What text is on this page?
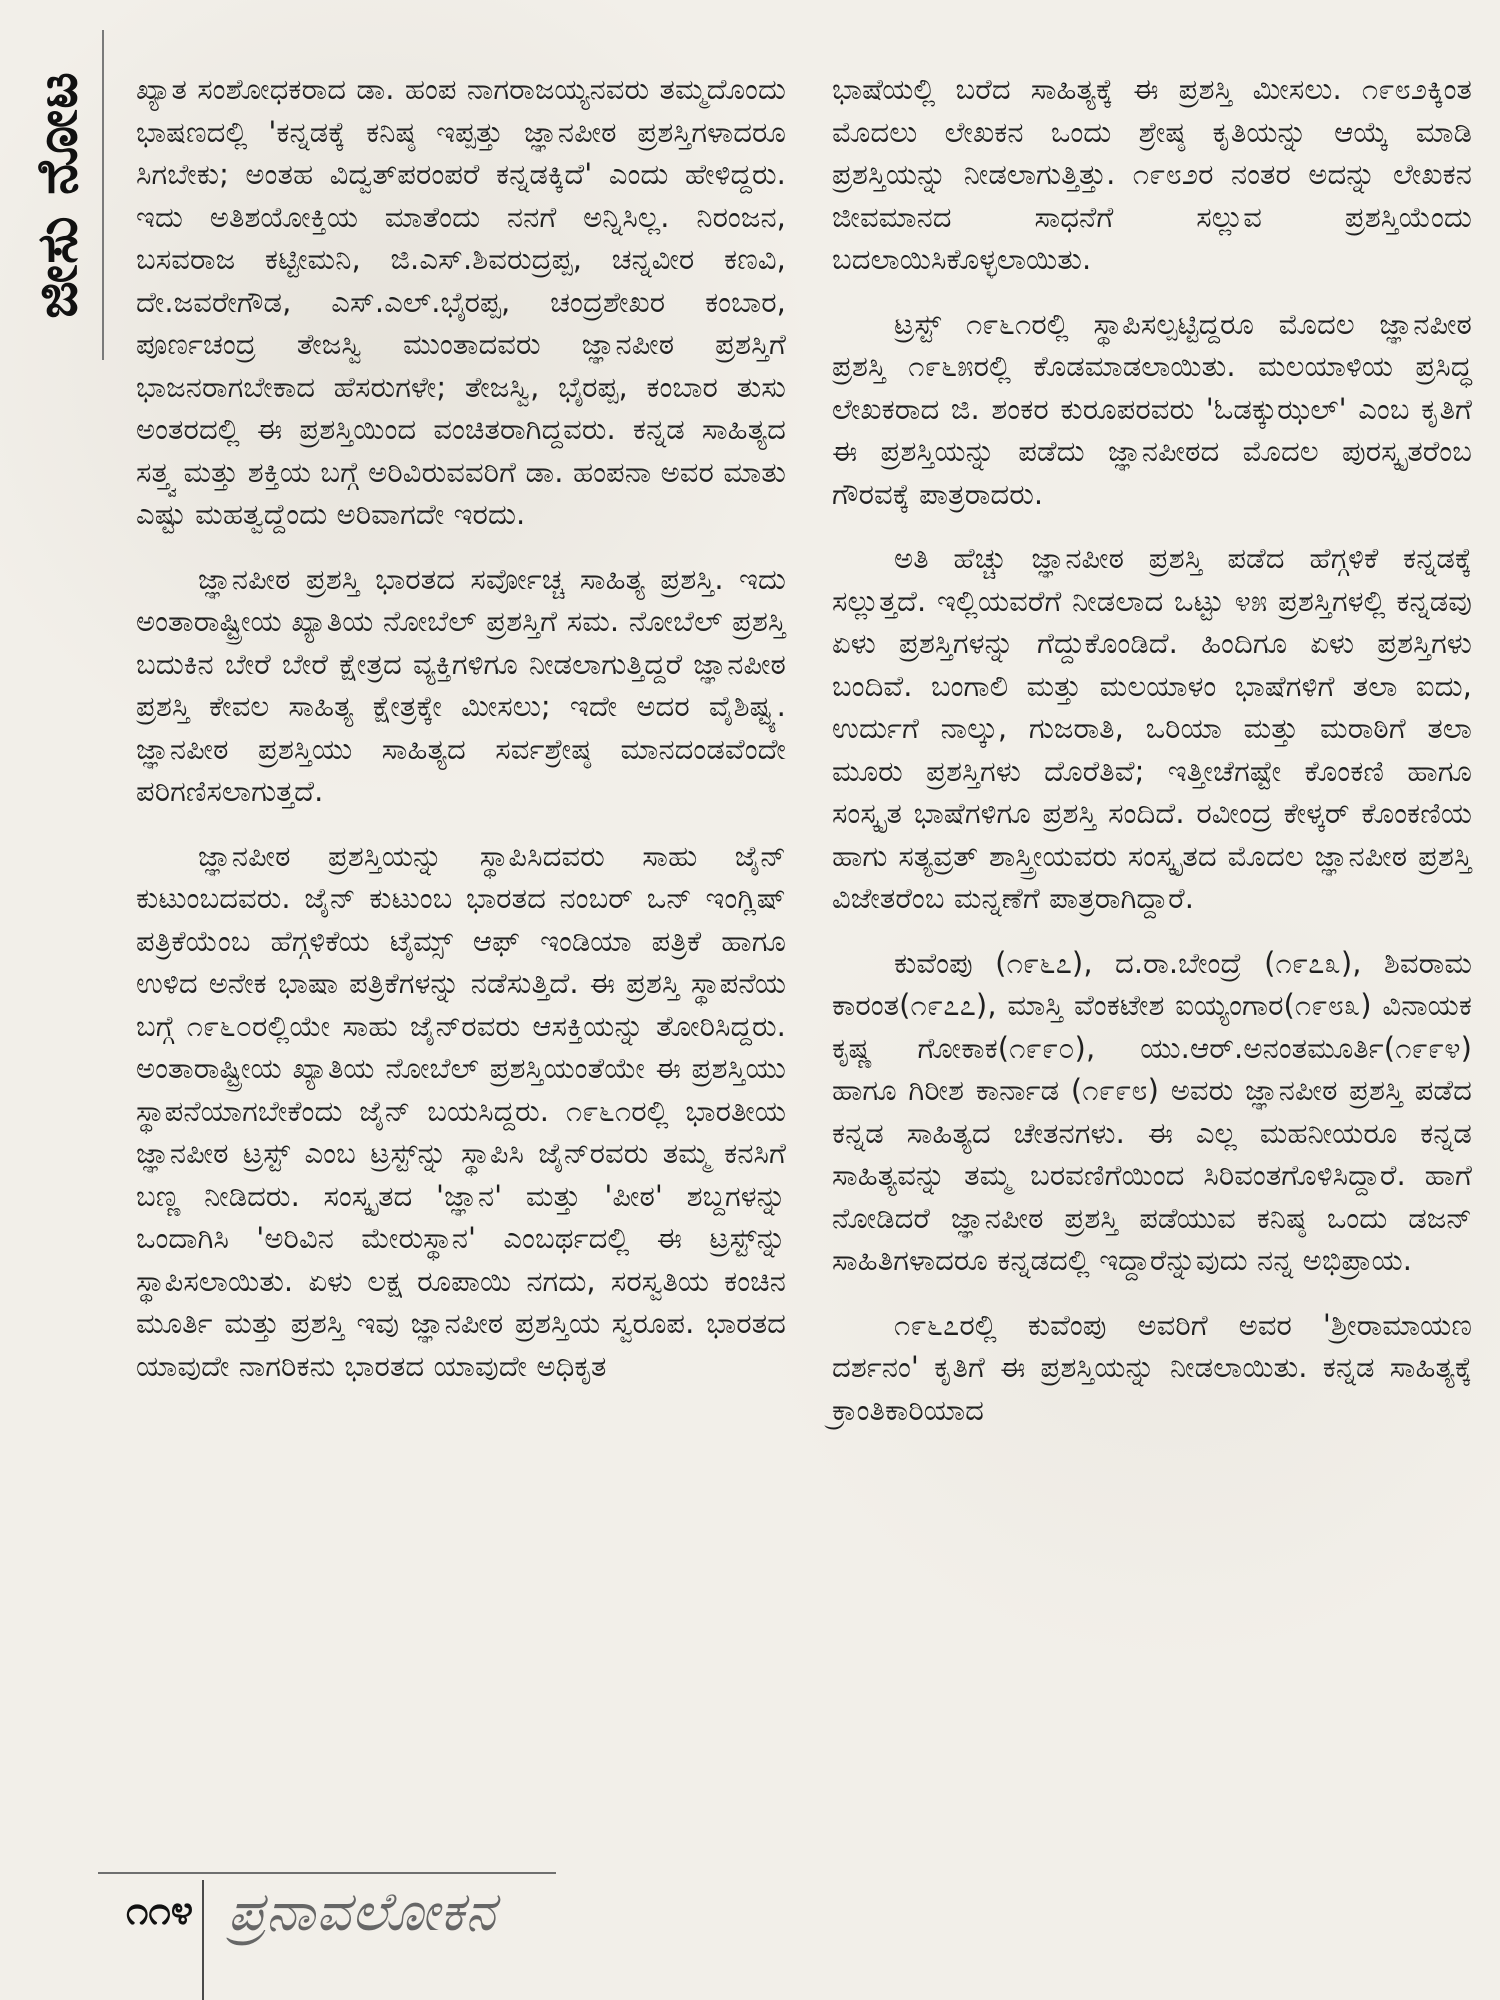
ಜೀಸು ನೋಟ ಖ್ಯಾತ ಸಂಶೋಧಕರಾದ ಡಾ. ಹಂಪ ನಾಗರಾಜಯ್ಯನವರು ತಮ್ಮದೊಂದು ಭಾಷಣದಲ್ಲಿ 'ಕನ್ನಡಕ್ಕೆ ಕನಿಷ್ಠ ಇಪ್ಪತ್ತು ಜ್ಞಾನಪೀಠ ಪ್ರಶಸ್ತಿಗಳಾದರೂ ಸಿಗಬೇಕು; ಅಂತಹ ವಿದ್ವತ್‌ಪರಂಪರೆ ಕನ್ನಡಕ್ಕಿದೆ' ಎಂದು ಹೇಳಿದ್ದರು. ಇದು ಅತಿಶಯೋಕ್ತಿಯ ಮಾತೆಂದು ನನಗೆ ಅನ್ನಿಸಿಲ್ಲ. ನಿರಂಜನ, ಬಸವರಾಜ ಕಟ್ಟೀಮನಿ, ಜಿ.ಎಸ್.ಶಿವರುದ್ರಪ್ಪ, ಚನ್ನವೀರ ಕಣವಿ, ದೇ.ಜವರೇಗೌಡ, ಎಸ್.ಎಲ್.ಭೈರಪ್ಪ, ಚಂದ್ರಶೇಖರ ಕಂಬಾರ, ಪೂರ್ಣಚಂದ್ರ ತೇಜಸ್ವಿ ಮುಂತಾದವರು ಜ್ಞಾನಪೀಠ ಪ್ರಶಸ್ತಿಗೆ ಭಾಜನರಾಗಬೇಕಾದ ಹೆಸರುಗಳೇ; ತೇಜಸ್ವಿ, ಭೈರಪ್ಪ, ಕಂಬಾರ ತುಸು ಅಂತರದಲ್ಲಿ ಈ ಪ್ರಶಸ್ತಿಯಿಂದ ವಂಚಿತರಾಗಿದ್ದವರು. ಕನ್ನಡ ಸಾಹಿತ್ಯದ ಸತ್ತ್ವ ಮತ್ತು ಶಕ್ತಿಯ ಬಗ್ಗೆ ಅರಿವಿರುವವರಿಗೆ ಡಾ. ಹಂಪನಾ ಅವರ ಮಾತು ಎಷ್ಟು ಮಹತ್ವದ್ದೆಂದು ಅರಿವಾಗದೇ ಇರದು.

ಜ್ಞಾನಪೀಠ ಪ್ರಶಸ್ತಿ ಭಾರತದ ಸರ್ವೋಚ್ಚ ಸಾಹಿತ್ಯ ಪ್ರಶಸ್ತಿ. ಇದು ಅಂತಾರಾಷ್ಟ್ರೀಯ ಖ್ಯಾತಿಯ ನೋಬೆಲ್ ಪ್ರಶಸ್ತಿಗೆ ಸಮ. ನೋಬೆಲ್ ಪ್ರಶಸ್ತಿ ಬದುಕಿನ ಬೇರೆ ಬೇರೆ ಕ್ಷೇತ್ರದ ವ್ಯಕ್ತಿಗಳಿಗೂ ನೀಡಲಾಗುತ್ತಿದ್ದರೆ ಜ್ಞಾನಪೀಠ ಪ್ರಶಸ್ತಿ ಕೇವಲ ಸಾಹಿತ್ಯ ಕ್ಷೇತ್ರಕ್ಕೇ ಮೀಸಲು; ಇದೇ ಅದರ ವೈಶಿಷ್ಟ್ಯ. ಜ್ಞಾನಪೀಠ ಪ್ರಶಸ್ತಿಯು ಸಾಹಿತ್ಯದ ಸರ್ವಶ್ರೇಷ್ಠ ಮಾನದಂಡವೆಂದೇ ಪರಿಗಣಿಸಲಾಗುತ್ತದೆ.

ಜ್ಞಾನಪೀಠ ಪ್ರಶಸ್ತಿಯನ್ನು ಸ್ಥಾಪಿಸಿದವರು ಸಾಹು ಜೈನ್ ಕುಟುಂಬದವರು. ಜೈನ್ ಕುಟುಂಬ ಭಾರತದ ನಂಬರ್ ಒನ್ ಇಂಗ್ಲಿಷ್ ಪತ್ರಿಕೆಯೆಂಬ ಹೆಗ್ಗಳಿಕೆಯ ಟೈಮ್ಸ್ ಆಫ್ ಇಂಡಿಯಾ ಪತ್ರಿಕೆ ಹಾಗೂ ಉಳಿದ ಅನೇಕ ಭಾಷಾ ಪತ್ರಿಕೆಗಳನ್ನು ನಡೆಸುತ್ತಿದೆ. ಈ ಪ್ರಶಸ್ತಿ ಸ್ಥಾಪನೆಯ ಬಗ್ಗೆ ೧೯೬೦ರಲ್ಲಿಯೇ ಸಾಹು ಜೈನ್‌ರವರು ಆಸಕ್ತಿಯನ್ನು ತೋರಿಸಿದ್ದರು. ಅಂತಾರಾಷ್ಟ್ರೀಯ ಖ್ಯಾತಿಯ ನೋಬೆಲ್ ಪ್ರಶಸ್ತಿಯಂತೆಯೇ ಈ ಪ್ರಶಸ್ತಿಯು ಸ್ಥಾಪನೆಯಾಗಬೇಕೆಂದು ಜೈನ್ ಬಯಸಿದ್ದರು. ೧೯೬೧ರಲ್ಲಿ ಭಾರತೀಯ ಜ್ಞಾನಪೀಠ ಟ್ರಸ್ಟ್ ಎಂಬ ಟ್ರಸ್ಟ್‌ನ್ನು ಸ್ಥಾಪಿಸಿ ಜೈನ್‌ರವರು ತಮ್ಮ ಕನಸಿಗೆ ಬಣ್ಣ ನೀಡಿದರು. ಸಂಸ್ಕೃತದ 'ಜ್ಞಾನ' ಮತ್ತು 'ಪೀಠ' ಶಬ್ದಗಳನ್ನು ಒಂದಾಗಿಸಿ 'ಅರಿವಿನ ಮೇರುಸ್ಥಾನ' ಎಂಬರ್ಥದಲ್ಲಿ ಈ ಟ್ರಸ್ಟ್‌ನ್ನು ಸ್ಥಾಪಿಸಲಾಯಿತು. ಏಳು ಲಕ್ಷ ರೂಪಾಯಿ ನಗದು, ಸರಸ್ವತಿಯ ಕಂಚಿನ ಮೂರ್ತಿ ಮತ್ತು ಪ್ರಶಸ್ತಿ ಇವು ಜ್ಞಾನಪೀಠ ಪ್ರಶಸ್ತಿಯ ಸ್ವರೂಪ. ಭಾರತದ ಯಾವುದೇ ನಾಗರಿಕನು ಭಾರತದ ಯಾವುದೇ ಅಧಿಕೃತ

ಭಾಷೆಯಲ್ಲಿ ಬರೆದ ಸಾಹಿತ್ಯಕ್ಕೆ ಈ ಪ್ರಶಸ್ತಿ ಮೀಸಲು. ೧೯೮೨ಕ್ಕಿಂತ ಮೊದಲು ಲೇಖಕನ ಒಂದು ಶ್ರೇಷ್ಠ ಕೃತಿಯನ್ನು ಆಯ್ಕೆ ಮಾಡಿ ಪ್ರಶಸ್ತಿಯನ್ನು ನೀಡಲಾಗುತ್ತಿತ್ತು. ೧೯೮೨ರ ನಂತರ ಅದನ್ನು ಲೇಖಕನ ಜೀವಮಾನದ ಸಾಧನೆಗೆ ಸಲ್ಲುವ ಪ್ರಶಸ್ತಿಯೆಂದು ಬದಲಾಯಿಸಿಕೊಳ್ಳಲಾಯಿತು.

ಟ್ರಸ್ಟ್ ೧೯೬೧ರಲ್ಲಿ ಸ್ಥಾಪಿಸಲ್ಪಟ್ಟಿದ್ದರೂ ಮೊದಲ ಜ್ಞಾನಪೀಠ ಪ್ರಶಸ್ತಿ ೧೯೬೫ರಲ್ಲಿ ಕೊಡಮಾಡಲಾಯಿತು. ಮಲಯಾಳಿಯ ಪ್ರಸಿದ್ಧ ಲೇಖಕರಾದ ಜಿ. ಶಂಕರ ಕುರೂಪರವರು 'ಓಡಕ್ಕುಝಲ್' ಎಂಬ ಕೃತಿಗೆ ಈ ಪ್ರಶಸ್ತಿಯನ್ನು ಪಡೆದು ಜ್ಞಾನಪೀಠದ ಮೊದಲ ಪುರಸ್ಕೃತರೆಂಬ ಗೌರವಕ್ಕೆ ಪಾತ್ರರಾದರು.

ಅತಿ ಹೆಚ್ಚು ಜ್ಞಾನಪೀಠ ಪ್ರಶಸ್ತಿ ಪಡೆದ ಹೆಗ್ಗಳಿಕೆ ಕನ್ನಡಕ್ಕೆ ಸಲ್ಲುತ್ತದೆ. ಇಲ್ಲಿಯವರೆಗೆ ನೀಡಲಾದ ಒಟ್ಟು ೪೫ ಪ್ರಶಸ್ತಿಗಳಲ್ಲಿ ಕನ್ನಡವು ಏಳು ಪ್ರಶಸ್ತಿಗಳನ್ನು ಗೆದ್ದುಕೊಂಡಿದೆ. ಹಿಂದಿಗೂ ಏಳು ಪ್ರಶಸ್ತಿಗಳು ಬಂದಿವೆ. ಬಂಗಾಲಿ ಮತ್ತು ಮಲಯಾಳಂ ಭಾಷೆಗಳಿಗೆ ತಲಾ ಐದು, ಉರ್ದುಗೆ ನಾಲ್ಕು, ಗುಜರಾತಿ, ಒರಿಯಾ ಮತ್ತು ಮರಾಠಿಗೆ ತಲಾ ಮೂರು ಪ್ರಶಸ್ತಿಗಳು ದೊರೆತಿವೆ; ಇತ್ತೀಚೆಗಷ್ಟೇ ಕೊಂಕಣಿ ಹಾಗೂ ಸಂಸ್ಕೃತ ಭಾಷೆಗಳಿಗೂ ಪ್ರಶಸ್ತಿ ಸಂದಿದೆ. ರವೀಂದ್ರ ಕೇಳ್ಕರ್ ಕೊಂಕಣಿಯ ಹಾಗು ಸತ್ಯವ್ರತ್ ಶಾಸ್ತ್ರೀಯವರು ಸಂಸ್ಕೃತದ ಮೊದಲ ಜ್ಞಾನಪೀಠ ಪ್ರಶಸ್ತಿ ವಿಜೇತರೆಂಬ ಮನ್ನಣೆಗೆ ಪಾತ್ರರಾಗಿದ್ದಾರೆ.

ಕುವೆಂಪು (೧೯೬೭), ದ.ರಾ.ಬೇಂದ್ರೆ (೧೯೭೩), ಶಿವರಾಮ ಕಾರಂತ(೧೯೭೭), ಮಾಸ್ತಿ ವೆಂಕಟೇಶ ಐಯ್ಯಂಗಾರ(೧೯೮೩) ವಿನಾಯಕ ಕೃಷ್ಣ ಗೋಕಾಕ(೧೯೯೦), ಯು.ಆರ್.ಅನಂತಮೂರ್ತಿ(೧೯೯೪) ಹಾಗೂ ಗಿರೀಶ ಕಾರ್ನಾಡ (೧೯೯೮) ಅವರು ಜ್ಞಾನಪೀಠ ಪ್ರಶಸ್ತಿ ಪಡೆದ ಕನ್ನಡ ಸಾಹಿತ್ಯದ ಚೇತನಗಳು. ಈ ಎಲ್ಲ ಮಹನೀಯರೂ ಕನ್ನಡ ಸಾಹಿತ್ಯವನ್ನು ತಮ್ಮ ಬರವಣಿಗೆಯಿಂದ ಸಿರಿವಂತಗೊಳಿಸಿದ್ದಾರೆ. ಹಾಗೆ ನೋಡಿದರೆ ಜ್ಞಾನಪೀಠ ಪ್ರಶಸ್ತಿ ಪಡೆಯುವ ಕನಿಷ್ಠ ಒಂದು ಡಜನ್ ಸಾಹಿತಿಗಳಾದರೂ ಕನ್ನಡದಲ್ಲಿ ಇದ್ದಾರೆನ್ನುವುದು ನನ್ನ ಅಭಿಪ್ರಾಯ.

೧೯೬೭ರಲ್ಲಿ ಕುವೆಂಪು ಅವರಿಗೆ ಅವರ 'ಶ್ರೀರಾಮಾಯಣ ದರ್ಶನಂ' ಕೃತಿಗೆ ಈ ಪ್ರಶಸ್ತಿಯನ್ನು ನೀಡಲಾಯಿತು. ಕನ್ನಡ ಸಾಹಿತ್ಯಕ್ಕೆ ಕ್ರಾಂತಿಕಾರಿಯಾದ

೧೧೪ ಪ್ರನಾವಲೋಕನ
